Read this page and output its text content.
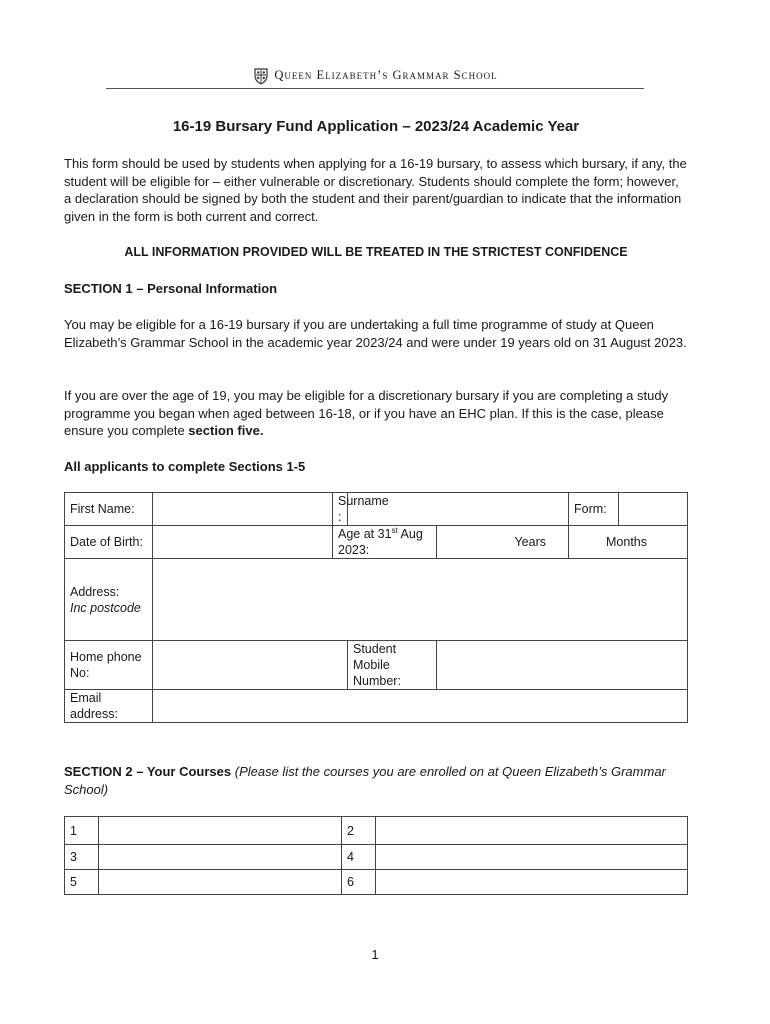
Queen Elizabeth’s Grammar School
16-19 Bursary Fund Application – 2023/24 Academic Year
This form should be used by students when applying for a 16-19 bursary, to assess which bursary, if any, the student will be eligible for – either vulnerable or discretionary. Students should complete the form; however, a declaration should be signed by both the student and their parent/guardian to indicate that the information given in the form is both current and correct.
ALL INFORMATION PROVIDED WILL BE TREATED IN THE STRICTEST CONFIDENCE
SECTION 1 – Personal Information
You may be eligible for a 16-19 bursary if you are undertaking a full time programme of study at Queen Elizabeth’s Grammar School in the academic year 2023/24 and were under 19 years old on 31 August 2023.
If you are over the age of 19, you may be eligible for a discretionary bursary if you are completing a study programme you began when aged between 16-18, or if you have an EHC plan. If this is the case, please ensure you complete section five.
All applicants to complete Sections 1-5
First Name:		Surname :			Form:	
Date of Birth:		Age at 31st Aug 2023:		Years	Months	
Address:
Inc postcode						
Home phone No:			Student Mobile Number:			
Email address:						
SECTION 2 – Your Courses (Please list the courses you are enrolled on at Queen Elizabeth’s Grammar School)
1		2	
3		4	
5		6	
1
